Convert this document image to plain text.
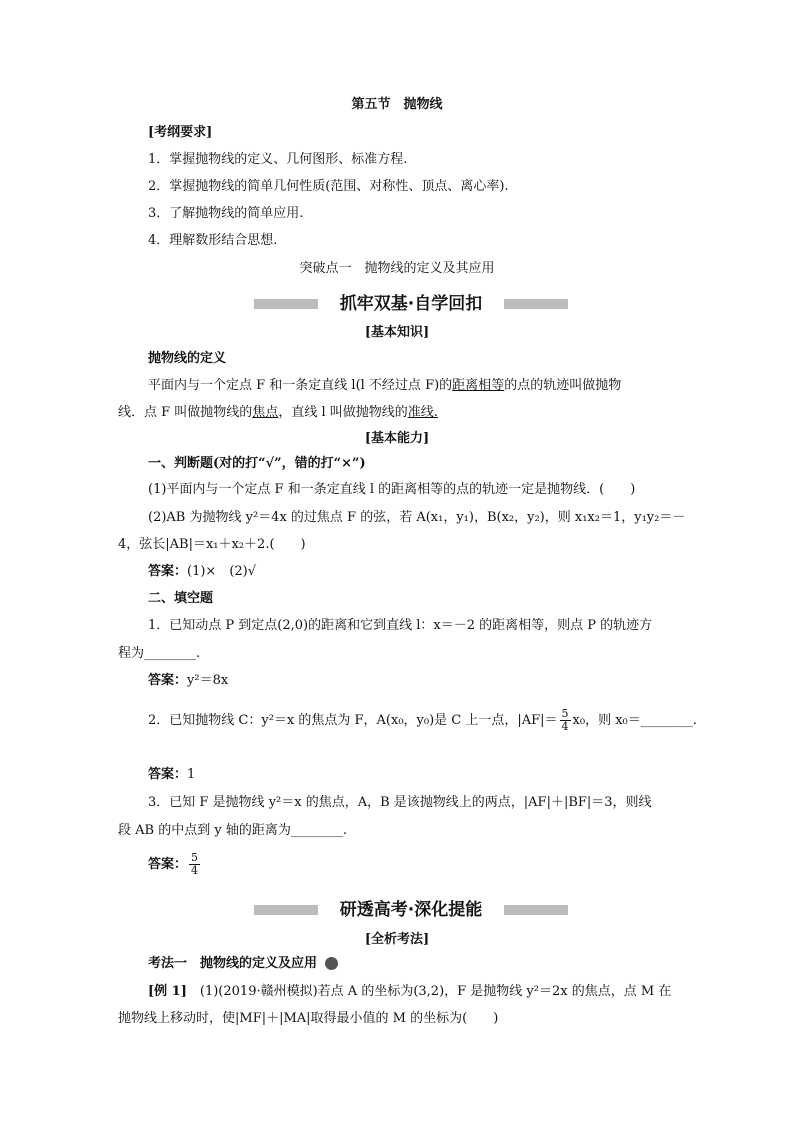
第五节　抛物线
[考纲要求]
1．掌握抛物线的定义、几何图形、标准方程.
2．掌握抛物线的简单几何性质(范围、对称性、顶点、离心率).
3．了解抛物线的简单应用.
4．理解数形结合思想.
突破点一　抛物线的定义及其应用
抓牢双基·自学回扣
[基本知识]
抛物线的定义
平面内与一个定点 F 和一条定直线 l(l 不经过点 F)的距离相等的点的轨迹叫做抛物
线．点 F 叫做抛物线的焦点，直线 l 叫做抛物线的准线.
[基本能力]
一、判断题(对的打“√”，错的打“×”)
(1)平面内与一个定点 F 和一条定直线 l 的距离相等的点的轨迹一定是抛物线．(　　)
(2)AB 为抛物线 y²＝4x 的过焦点 F 的弦，若 A(x₁，y₁)，B(x₂，y₂)，则 x₁x₂＝1，y₁y₂＝－
4，弦长|AB|＝x₁＋x₂＋2.(　　)
答案：(1)×　(2)√
二、填空题
1．已知动点 P 到定点(2,0)的距离和它到直线 l：x＝－2 的距离相等，则点 P 的轨迹方
程为________.
答案：y²＝8x
2．已知抛物线 C：y²＝x 的焦点为 F，A(x₀，y₀)是 C 上一点，$|AF|= \frac{5}{4} x_0$，则 x₀＝________.
答案：1
3．已知 F 是抛物线 y²＝x 的焦点，A，B 是该抛物线上的两点，|AF|＋|BF|＝3，则线
段 AB 的中点到 y 轴的距离为________.
答案： $\frac{5}{4}$
研透高考·深化提能
[全析考法]
考法一　抛物线的定义及应用
[例 1]　 (1)(2019·赣州模拟)若点 A 的坐标为(3,2)，F 是抛物线 y²＝2x 的焦点，点 M 在
抛物线上移动时，使|MF|＋|MA|取得最小值的 M 的坐标为(　　)
